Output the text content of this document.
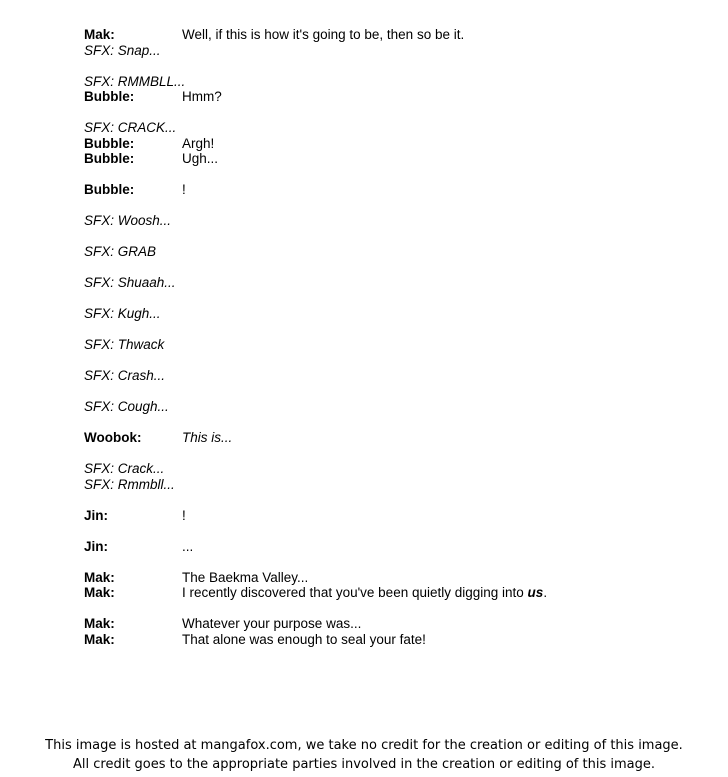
Mak:	Well, if this is how it's going to be, then so be it.
SFX: Snap...
SFX: RMMBLL...
Bubble:	Hmm?
SFX: CRACK...
Bubble:	Argh!
Bubble:	Ugh...
Bubble:	!
SFX: Woosh...
SFX: GRAB
SFX: Shuaah...
SFX: Kugh...
SFX: Thwack
SFX: Crash...
SFX: Cough...
Woobok:	This is...
SFX: Crack...
SFX: Rmmbll...
Jin:	!
Jin:	...
Mak:	The Baekma Valley...
Mak:	I recently discovered that you've been quietly digging into us.
Mak:	Whatever your purpose was...
Mak:	That alone was enough to seal your fate!
This image is hosted at mangafox.com, we take no credit for the creation or editing of this image.
All credit goes to the appropriate parties involved in the creation or editing of this image.
